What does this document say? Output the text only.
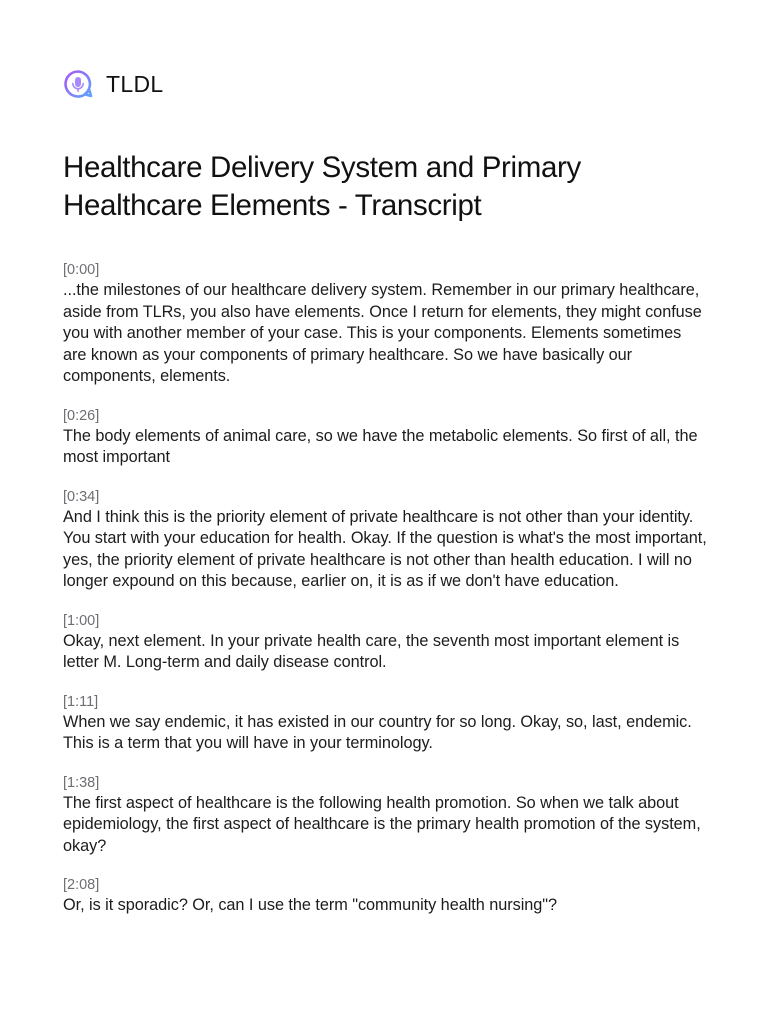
TLDL
Healthcare Delivery System and Primary Healthcare Elements - Transcript
[0:00]
...the milestones of our healthcare delivery system. Remember in our primary healthcare, aside from TLRs, you also have elements. Once I return for elements, they might confuse you with another member of your case. This is your components. Elements sometimes are known as your components of primary healthcare. So we have basically our components, elements.
[0:26]
The body elements of animal care, so we have the metabolic elements. So first of all, the most important
[0:34]
And I think this is the priority element of private healthcare is not other than your identity. You start with your education for health. Okay. If the question is what's the most important, yes, the priority element of private healthcare is not other than health education. I will no longer expound on this because, earlier on, it is as if we don't have education.
[1:00]
Okay, next element. In your private health care, the seventh most important element is letter M. Long-term and daily disease control.
[1:11]
When we say endemic, it has existed in our country for so long. Okay, so, last, endemic. This is a term that you will have in your terminology.
[1:38]
The first aspect of healthcare is the following health promotion. So when we talk about epidemiology, the first aspect of healthcare is the primary health promotion of the system, okay?
[2:08]
Or, is it sporadic? Or, can I use the term "community health nursing"?
